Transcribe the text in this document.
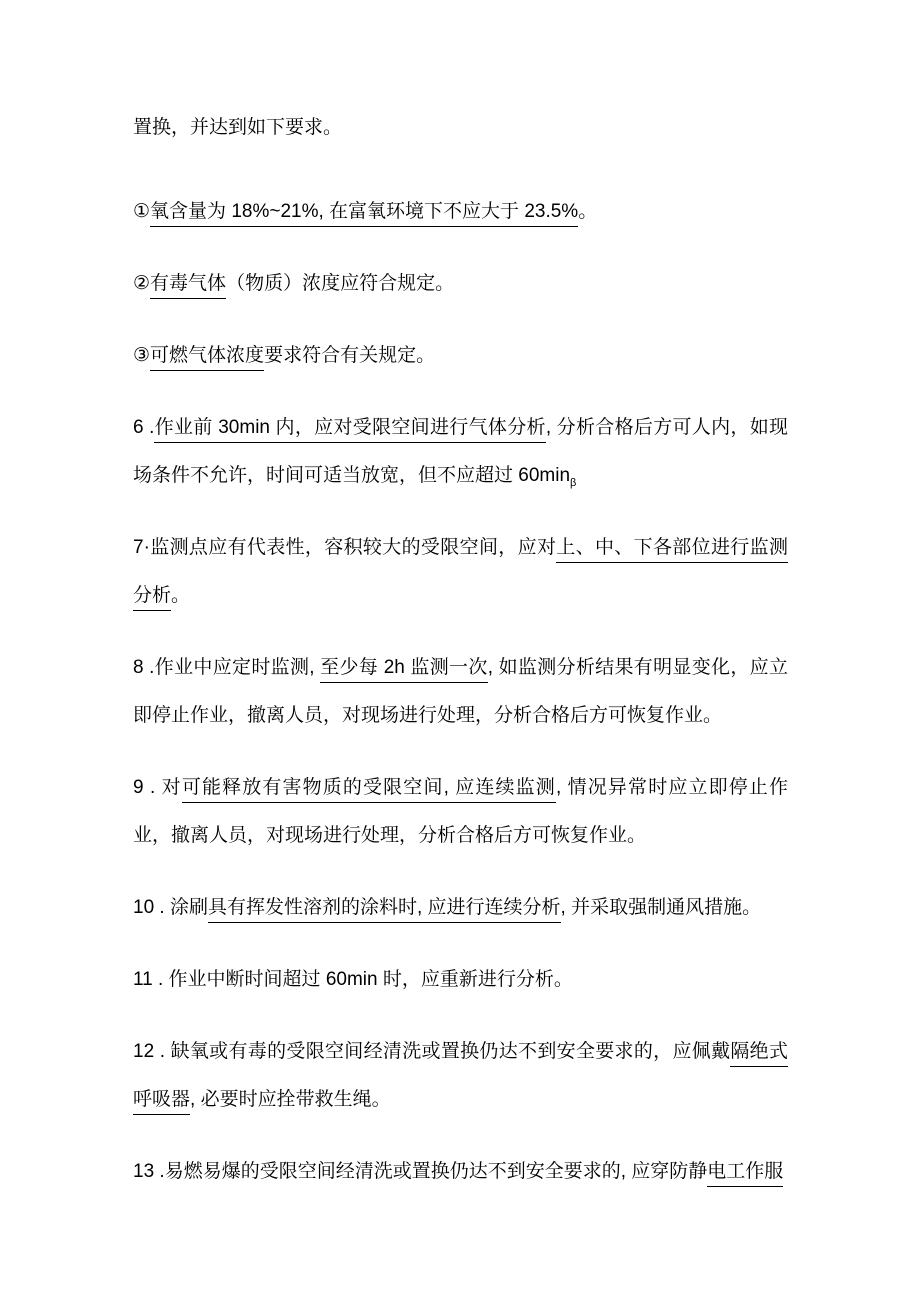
置换，并达到如下要求。

①氧含量为 18%~21%, 在富氧环境下不应大于 23.5%。

②有毒气体（物质）浓度应符合规定。

③可燃气体浓度要求符合有关规定。

6 .作业前 30min 内，应对受限空间进行气体分析, 分析合格后方可人内，如现场条件不允许，时间可适当放宽，但不应超过 $60\min_\beta$

7·监测点应有代表性，容积较大的受限空间，应对上、中、下各部位进行监测分析。

8 .作业中应定时监测, 至少每 2h 监测一次, 如监测分析结果有明显变化，应立即停止作业，撤离人员，对现场进行处理，分析合格后方可恢复作业。

9 . 对可能释放有害物质的受限空间, 应连续监测, 情况异常时应立即停止作业，撤离人员，对现场进行处理，分析合格后方可恢复作业。

10 . 涂刷具有挥发性溶剂的涂料时, 应进行连续分析, 并采取强制通风措施。

11 . 作业中断时间超过 60min 时，应重新进行分析。

12 . 缺氧或有毒的受限空间经清洗或置换仍达不到安全要求的，应佩戴隔绝式呼吸器, 必要时应拴带救生绳。

13 .易燃易爆的受限空间经清洗或置换仍达不到安全要求的, 应穿防静电工作服
